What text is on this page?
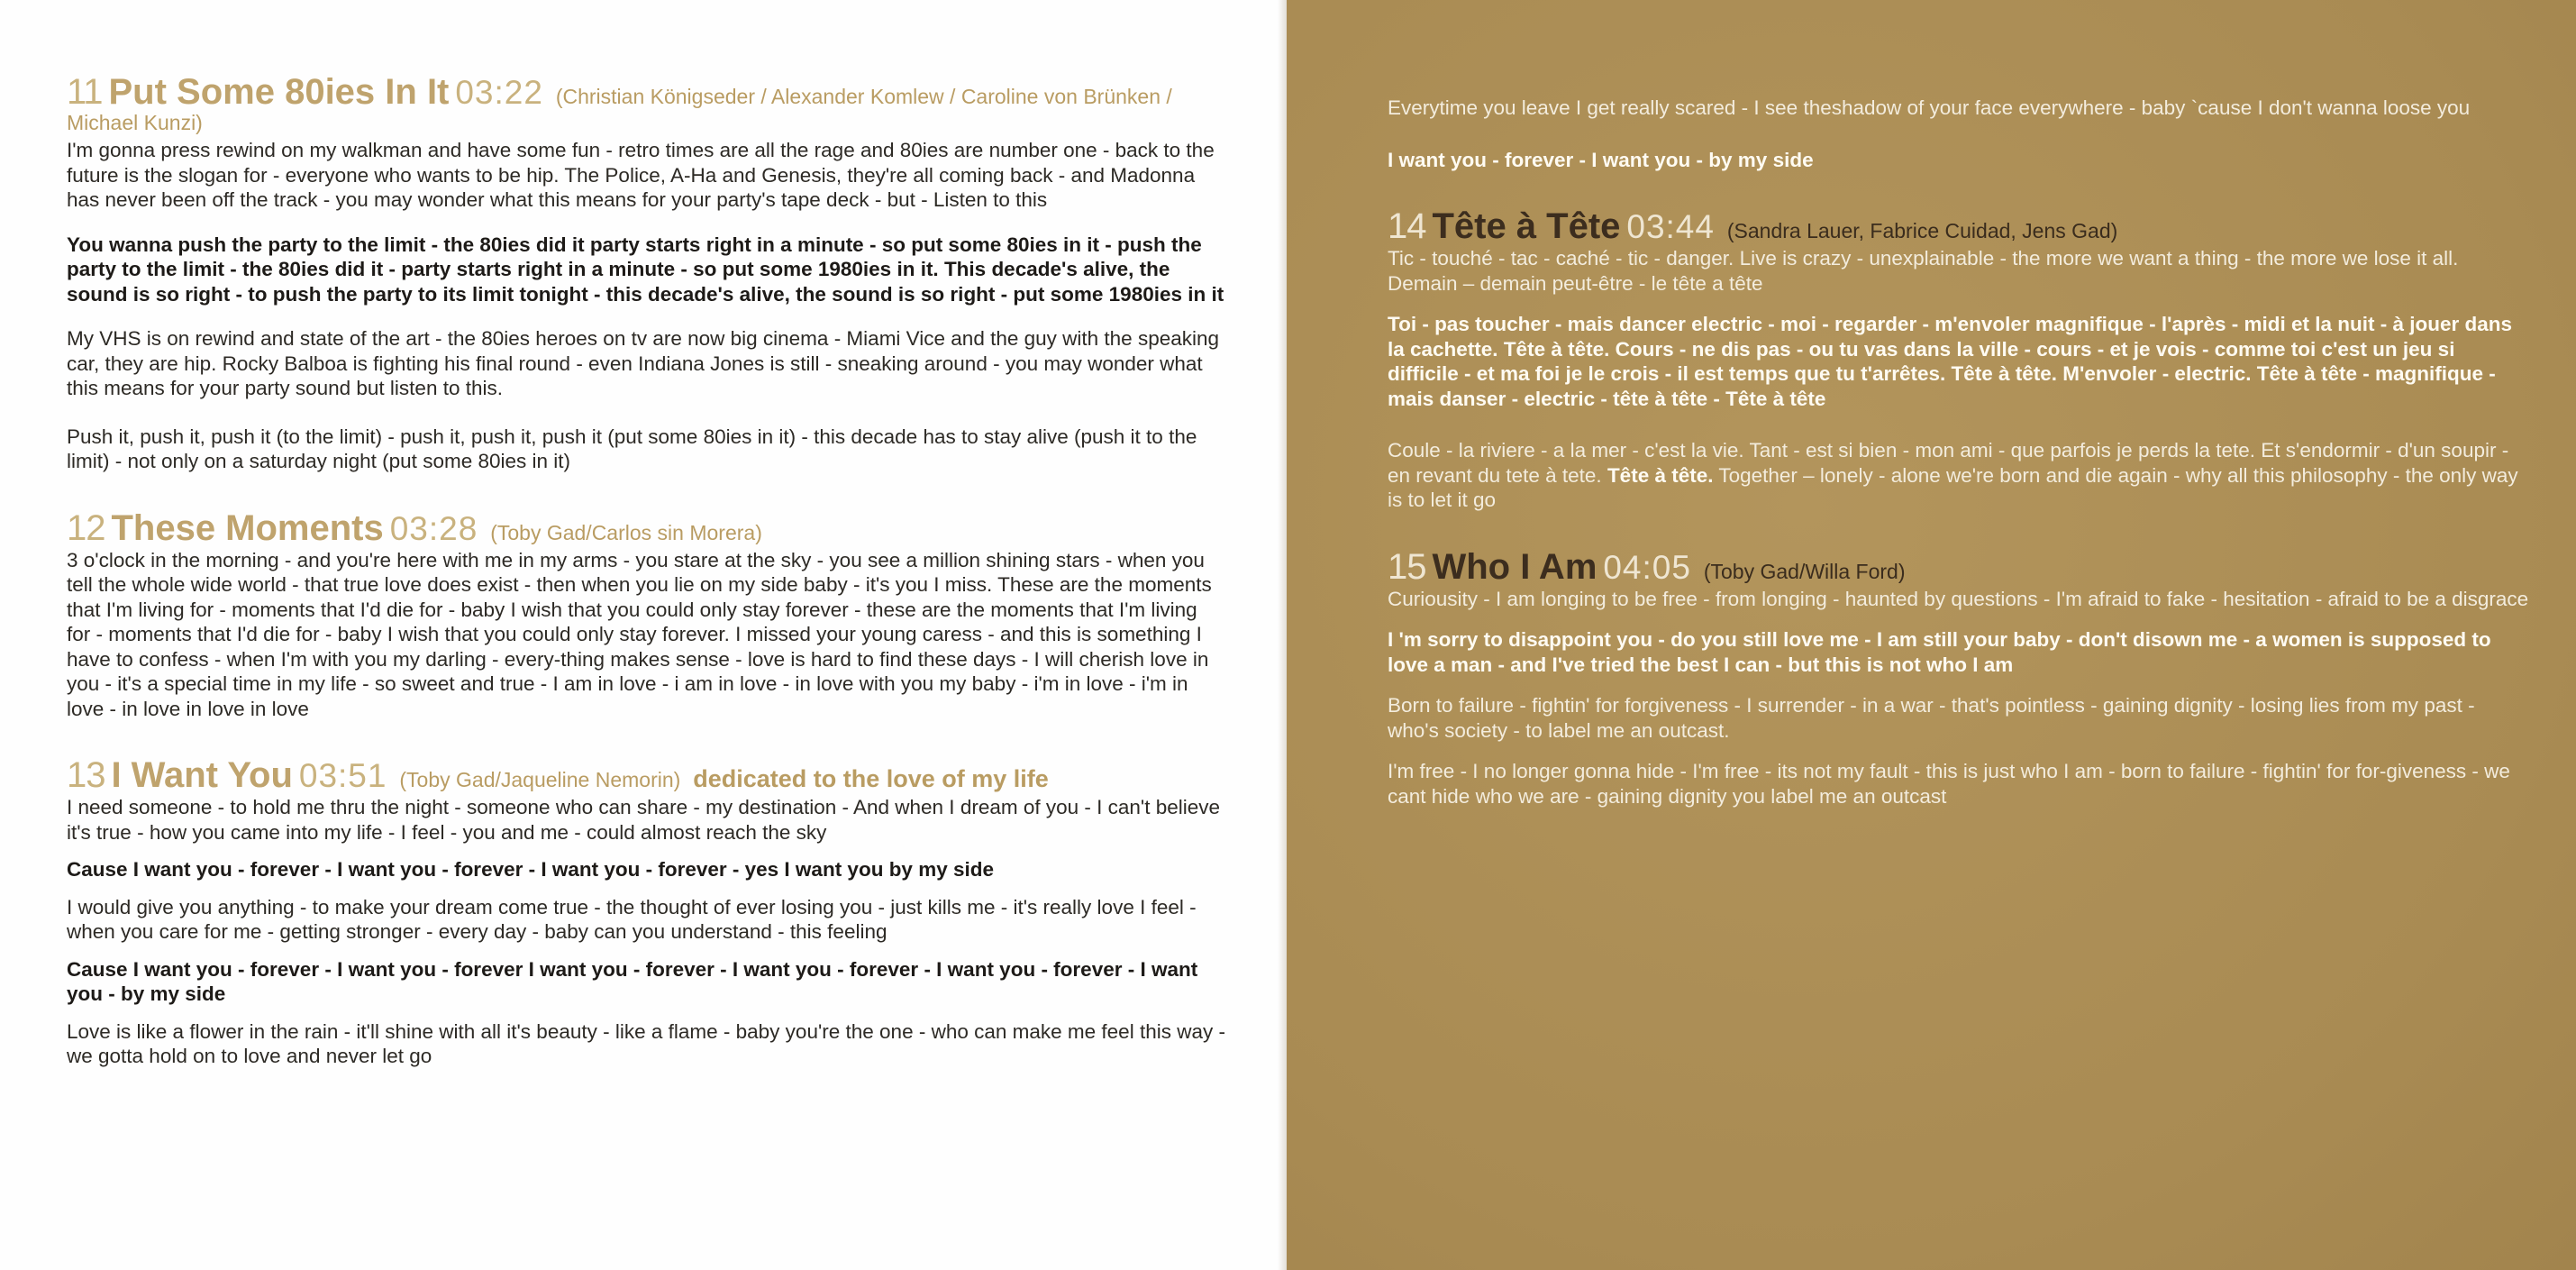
11 Put Some 80ies In It 03:22 (Christian Königseder / Alexander Komlew / Caroline von Brünken / Michael Kunzi)

I'm gonna press rewind on my walkman and have some fun - retro times are all the rage and 80ies are number one - back to the future is the slogan for - everyone who wants to be hip. The Police, A-Ha and Genesis, they're all coming back - and Madonna has never been off the track - you may wonder what this means for your party's tape deck - but - Listen to this

You wanna push the party to the limit - the 80ies did it party starts right in a minute - so put some 80ies in it - push the party to the limit - the 80ies did it - party starts right in a minute - so put some 1980ies in it. This decade's alive, the sound is so right - to push the party to its limit tonight - this decade's alive, the sound is so right - put some 1980ies in it

My VHS is on rewind and state of the art - the 80ies heroes on tv are now big cinema - Miami Vice and the guy with the speaking car, they are hip. Rocky Balboa is fighting his final round - even Indiana Jones is still - sneaking around - you may wonder what this means for your party sound but listen to this.

Push it, push it, push it (to the limit) - push it, push it, push it (put some 80ies in it) - this decade has to stay alive (push it to the limit) - not only on a saturday night (put some 80ies in it)

12 These Moments 03:28 (Toby Gad/Carlos sin Morera)

3 o'clock in the morning - and you're here with me in my arms - you stare at the sky - you see a million shining stars - when you tell the whole wide world - that true love does exist - then when you lie on my side baby - it's you I miss. These are the moments that I'm living for - moments that I'd die for - baby I wish that you could only stay forever - these are the moments that I'm living for - moments that I'd die for - baby I wish that you could only stay forever. I missed your young caress - and this is something I have to confess - when I'm with you my darling - every-thing makes sense - love is hard to find these days - I will cherish love in you - it's a special time in my life - so sweet and true - I am in love - i am in love - in love with you my baby - i'm in love - i'm in love - in love in love in love

13 I Want You 03:51 (Toby Gad/Jaqueline Nemorin) dedicated to the love of my life

I need someone - to hold me thru the night - someone who can share - my destination - And when I dream of you - I can't believe it's true - how you came into my life - I feel - you and me - could almost reach the sky

Cause I want you - forever - I want you - forever - I want you - forever - yes I want you by my side

I would give you anything - to make your dream come true - the thought of ever losing you - just kills me - it's really love I feel - when you care for me - getting stronger - every day - baby can you understand - this feeling

Cause I want you - forever - I want you - forever I want you - forever - I want you - forever - I want you - forever - I want you - by my side

Love is like a flower in the rain - it'll shine with all it's beauty - like a flame - baby you're the one - who can make me feel this way - we gotta hold on to love and never let go

Everytime you leave I get really scared - I see theshadow of your face everywhere - baby `cause I don't wanna loose you

I want you - forever - I want you - by my side

14 Tête à Tête 03:44 (Sandra Lauer, Fabrice Cuidad, Jens Gad)

Tic - touché - tac - caché - tic - danger. Live is crazy - unexplainable - the more we want a thing - the more we lose it all. Demain – demain peut-être - le tête a tête

Toi - pas toucher - mais dancer electric - moi - regarder - m'envoler magnifique - l'après - midi et la nuit - à jouer dans la cachette. Tête à tête. Cours - ne dis pas - ou tu vas dans la ville - cours - et je vois - comme toi c'est un jeu si difficile - et ma foi je le crois - il est temps que tu t'arrêtes. Tête à tête. M'envoler - electric. Tête à tête - magnifique - mais danser - electric - tête à tête - Tête à tête

Coule - la riviere - a la mer - c'est la vie. Tant - est si bien - mon ami - que parfois je perds la tete. Et s'endormir - d'un soupir - en revant du tete à tete. Tête à tête. Together – lonely - alone we're born and die again - why all this philosophy - the only way is to let it go

15 Who I Am 04:05 (Toby Gad/Willa Ford)

Curiousity - I am longing to be free - from longing - haunted by questions - I'm afraid to fake - hesitation - afraid to be a disgrace

I 'm sorry to disappoint you - do you still love me - I am still your baby - don't disown me - a women is supposed to love a man - and I've tried the best I can - but this is not who I am

Born to failure - fightin' for forgiveness - I surrender - in a war - that's pointless - gaining dignity - losing lies from my past - who's society - to label me an outcast.

I'm free - I no longer gonna hide - I'm free - its not my fault - this is just who I am - born to failure - fightin' for for-giveness - we cant hide who we are - gaining dignity you label me an outcast
